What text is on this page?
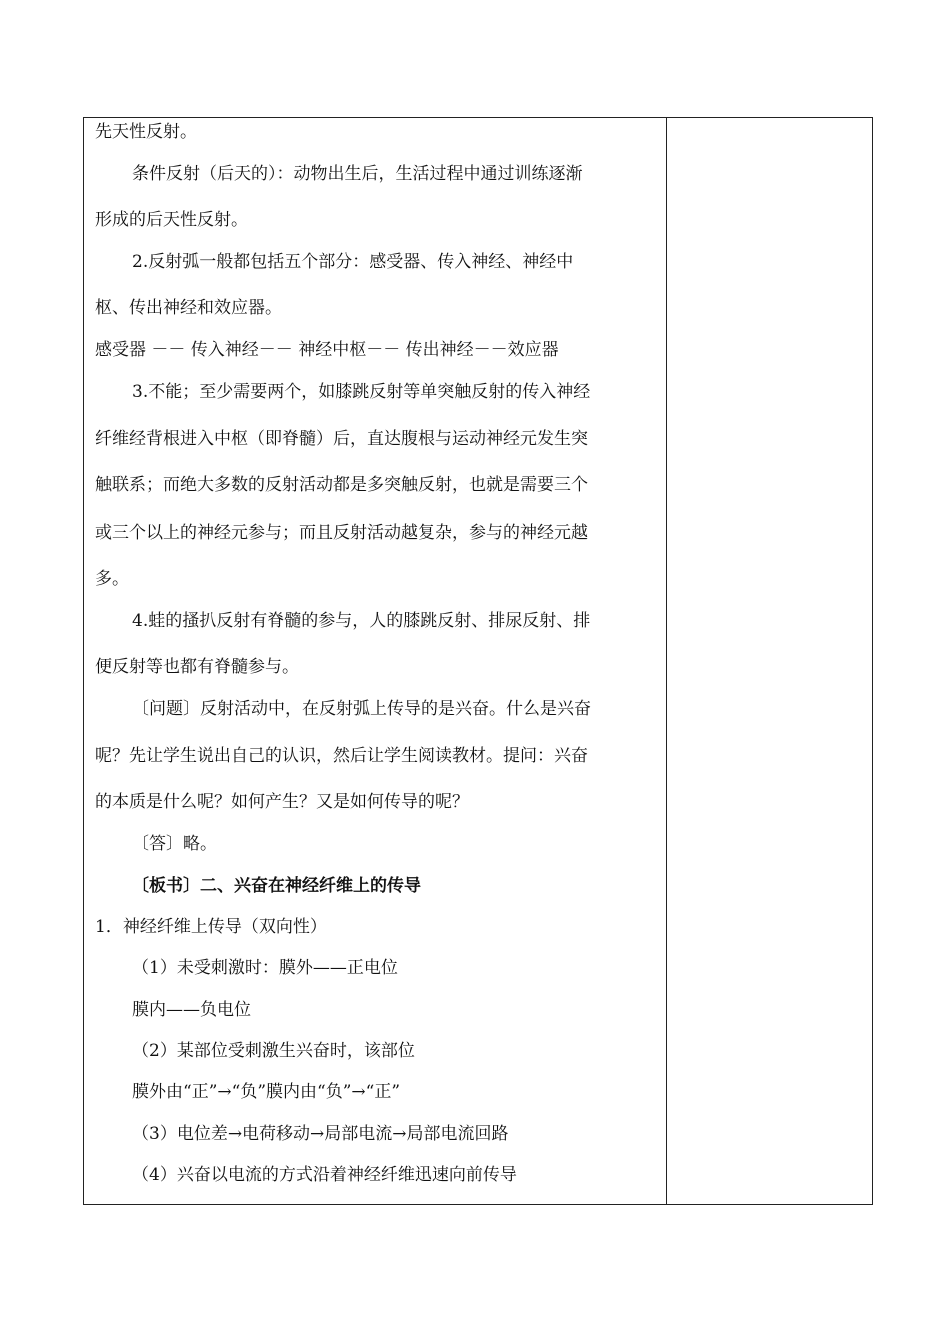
先天性反射。
条件反射（后天的）：动物出生后，生活过程中通过训练逐渐
形成的后天性反射。
2.反射弧一般都包括五个部分：感受器、传入神经、神经中
枢、传出神经和效应器。
感受器 －－ 传入神经－－ 神经中枢－－ 传出神经－－效应器
3.不能；至少需要两个，如膝跳反射等单突触反射的传入神经
纤维经背根进入中枢（即脊髓）后，直达腹根与运动神经元发生突
触联系；而绝大多数的反射活动都是多突触反射，也就是需要三个
或三个以上的神经元参与；而且反射活动越复杂，参与的神经元越
多。
4.蛙的搔扒反射有脊髓的参与，人的膝跳反射、排尿反射、排
便反射等也都有脊髓参与。
〔问题〕反射活动中，在反射弧上传导的是兴奋。什么是兴奋
呢？先让学生说出自己的认识，然后让学生阅读教材。提问：兴奋
的本质是什么呢？如何产生？又是如何传导的呢？
〔答〕略。
〔板书〕二、兴奋在神经纤维上的传导
1．神经纤维上传导（双向性）
（1）未受刺激时：膜外——正电位
膜内——负电位
（2）某部位受刺激生兴奋时，该部位
膜外由“正”→“负”膜内由“负”→“正”
（3）电位差→电荷移动→局部电流→局部电流回路
（4）兴奋以电流的方式沿着神经纤维迅速向前传导
